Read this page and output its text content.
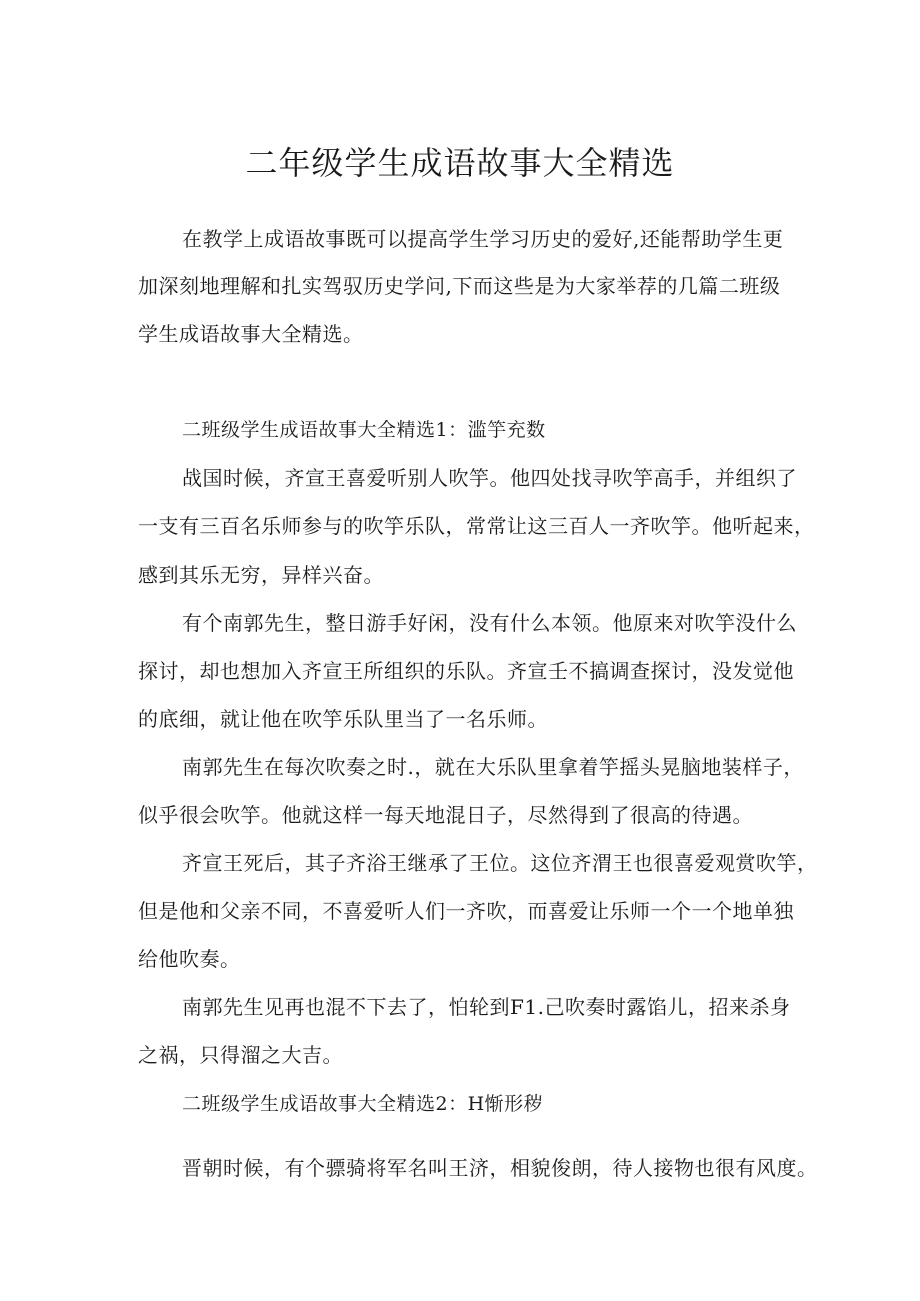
二年级学生成语故事大全精选

在教学上成语故事既可以提高学生学习历史的爱好,还能帮助学生更

加深刻地理解和扎实驾驭历史学问,下而这些是为大家举荐的几篇二班级

学生成语故事大全精选。

二班级学生成语故事大全精选1：滥竽充数

战国时候，齐宣王喜爱听别人吹竽。他四处找寻吹竽高手，并组织了

一支有三百名乐师参与的吹竽乐队，常常让这三百人一齐吹竽。他听起来，

感到其乐无穷，异样兴奋。

有个南郭先生，整日游手好闲，没有什么本领。他原来对吹竽没什么

探讨，却也想加入齐宣王所组织的乐队。齐宣壬不搞调查探讨，没发觉他

的底细，就让他在吹竽乐队里当了一名乐师。

南郭先生在每次吹奏之时.，就在大乐队里拿着竽摇头晃脑地装样子，

似乎很会吹竽。他就这样一每天地混日子，尽然得到了很高的待遇。

齐宣王死后，其子齐浴王继承了王位。这位齐渭王也很喜爱观赏吹竽，

但是他和父亲不同，不喜爱听人们一齐吹，而喜爱让乐师一个一个地单独

给他吹奏。

南郭先生见再也混不下去了，怕轮到F1.己吹奏时露馅儿，招来杀身

之祸，只得溜之大吉。

二班级学生成语故事大全精选2：H惭形秽

晋朝时候，有个骠骑将军名叫王济，相貌俊朗，待人接物也很有风度。
